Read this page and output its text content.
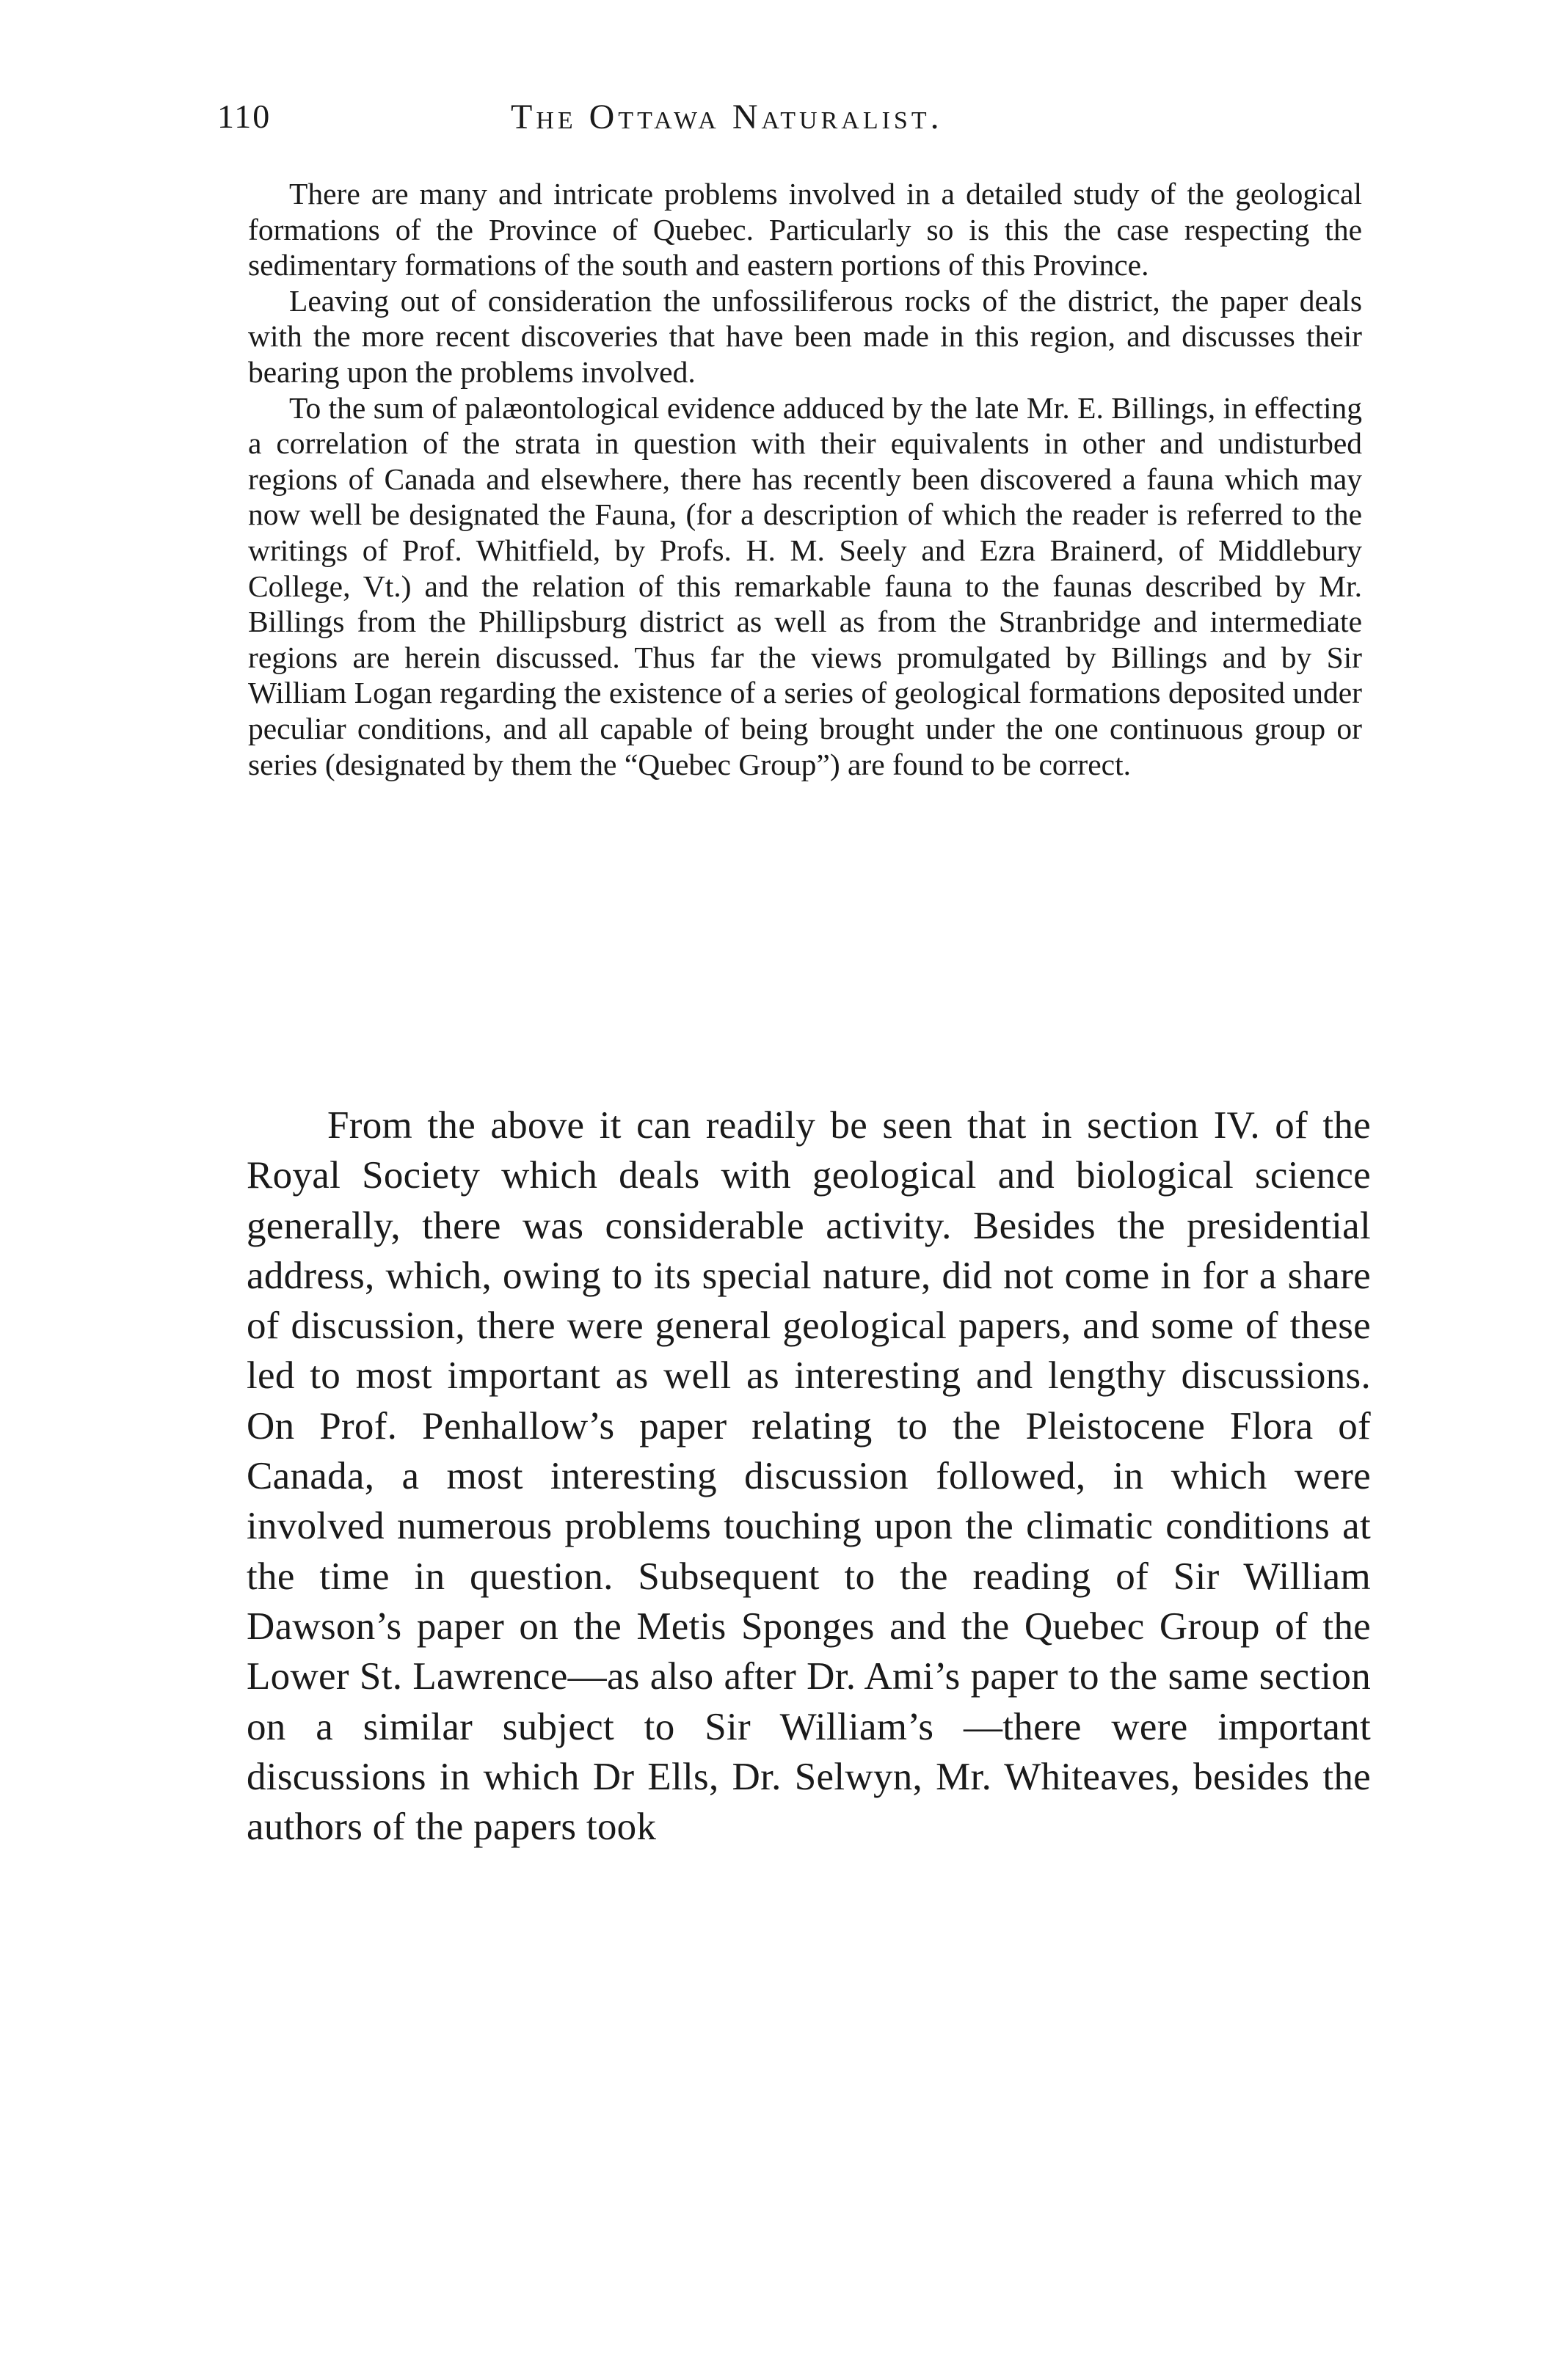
110	The Ottawa Naturalist.

There are many and intricate problems involved in a detailed study of the geological formations of the Province of Quebec. Particularly so is this the case respecting the sedimentary formations of the south and eastern portions of this Province.

Leaving out of consideration the unfossiliferous rocks of the district, the paper deals with the more recent discoveries that have been made in this region, and discusses their bearing upon the problems involved.

To the sum of palæontological evidence adduced by the late Mr. E. Billings, in effecting a correlation of the strata in question with their equivalents in other and undisturbed regions of Canada and elsewhere, there has recently been discovered a fauna which may now well be designated the Fauna, (for a description of which the reader is referred to the writings of Prof. Whitfield, by Profs. H. M. Seely and Ezra Brainerd, of Middlebury College, Vt.) and the relation of this remarkable fauna to the faunas described by Mr. Billings from the Phillipsburg district as well as from the Stranbridge and intermediate regions are herein discussed. Thus far the views promulgated by Billings and by Sir William Logan regarding the existence of a series of geological formations deposited under peculiar conditions, and all capable of being brought under the one continuous group or series (designated by them the “Quebec Group”) are found to be correct.

From the above it can readily be seen that in section IV. of the Royal Society which deals with geological and biological science generally, there was considerable activity. Besides the presidential address, which, owing to its special nature, did not come in for a share of discussion, there were general geological papers, and some of these led to most important as well as interesting and lengthy discussions. On Prof. Penhallow’s paper relating to the Pleistocene Flora of Canada, a most interesting discussion followed, in which were involved numerous problems touching upon the climatic conditions at the time in question. Subsequent to the reading of Sir William Dawson’s paper on the Metis Sponges and the Quebec Group of the Lower St. Lawrence—as also after Dr. Ami’s paper to the same section on a similar subject to Sir William’s —there were important discussions in which Dr Ells, Dr. Selwyn, Mr. Whiteaves, besides the authors of the papers took
